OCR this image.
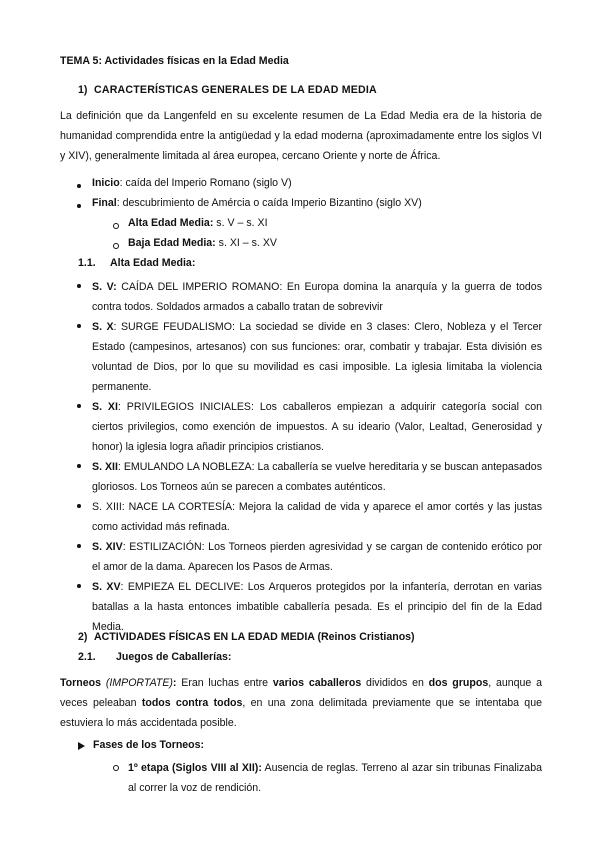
TEMA 5: Actividades físicas en la Edad Media
1) CARACTERÍSTICAS GENERALES DE LA EDAD MEDIA
La definición que da Langenfeld en su excelente resumen de La Edad Media era de la historia de humanidad comprendida entre la antigüedad y la edad moderna (aproximadamente entre los siglos VI y XIV), generalmente limitada al área europea, cercano Oriente y norte de África.
Inicio: caída del Imperio Romano (siglo V)
Final: descubrimiento de Amércia o caída Imperio Bizantino (siglo XV)
Alta Edad Media: s. V – s. XI
Baja Edad Media: s. XI – s. XV
1.1. Alta Edad Media:
S. V: CAÍDA DEL IMPERIO ROMANO: En Europa domina la anarquía y la guerra de todos contra todos. Soldados armados a caballo tratan de sobrevivir
S. X: SURGE FEUDALISMO: La sociedad se divide en 3 clases: Clero, Nobleza y el Tercer Estado (campesinos, artesanos) con sus funciones: orar, combatir y trabajar. Esta división es voluntad de Dios, por lo que su movilidad es casi imposible. La iglesia limitaba la violencia permanente.
S. XI: PRIVILEGIOS INICIALES: Los caballeros empiezan a adquirir categoría social con ciertos privilegios, como exención de impuestos. A su ideario (Valor, Lealtad, Generosidad y honor) la iglesia logra añadir principios cristianos.
S. XII: EMULANDO LA NOBLEZA: La caballería se vuelve hereditaria y se buscan antepasados gloriosos. Los Torneos aún se parecen a combates auténticos.
S. XIII: NACE LA CORTESÍA: Mejora la calidad de vida y aparece el amor cortés y las justas como actividad más refinada.
S. XIV: ESTILIZACIÓN: Los Torneos pierden agresividad y se cargan de contenido erótico por el amor de la dama. Aparecen los Pasos de Armas.
S. XV: EMPIEZA EL DECLIVE: Los Arqueros protegidos por la infantería, derrotan en varias batallas a la hasta entonces imbatible caballería pesada. Es el principio del fin de la Edad Media.
2) ACTIVIDADES FÍSICAS EN LA EDAD MEDIA (Reinos Cristianos)
2.1. Juegos de Caballerías:
Torneos (IMPORTATE): Eran luchas entre varios caballeros divididos en dos grupos, aunque a veces peleaban todos contra todos, en una zona delimitada previamente que se intentaba que estuviera lo más accidentada posible.
Fases de los Torneos:
1º etapa (Siglos VIII al XII): Ausencia de reglas. Terreno al azar sin tribunas Finalizaba al correr la voz de rendición.
